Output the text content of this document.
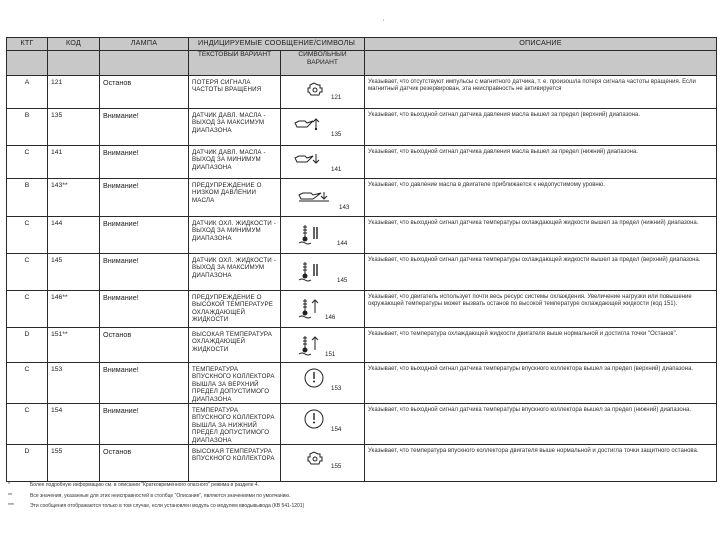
'
КТГ	КОД	ЛАМПА	ИНДИЦИРУЕМЫЕ СООБЩЕНИЕ/СИМВОЛЫ		ОПИСАНИЕ
			ТЕКСТОВЫЙ ВАРИАНТ	СИМВОЛЬНЫЙ ВАРИАНТ	
A	121	Останов	ПОТЕРЯ СИГНАЛА ЧАСТОТЫ ВРАЩЕНИЯ	121	Указывает, что отсутствуют импульсы с магнитного датчика, т. е. произошла потеря сигнала частоты вращения. Если магнитный датчик резервирован, эта неисправность не активируется
B	135	Внимание!	ДАТЧИК ДАВЛ. МАСЛА - ВЫХОД ЗА МАКСИМУМ ДИАПАЗОНА	135	Указывает, что выходной сигнал датчика давления масла вышел за предел (верхний) диапазона.
C	141	Внимание!	ДАТЧИК ДАВЛ. МАСЛА - ВЫХОД ЗА МИНИМУМ ДИАПАЗОНА	141	Указывает, что выходной сигнал датчика давления масла вышел за предел (нижний) диапазона.
B	143**	Внимание!	ПРЕДУПРЕЖДЕНИЕ О НИЗКОМ ДАВЛЕНИИ МАСЛА	143	Указывает, что давление масла в двигателе приближается к недопустимому уровню.
C	144	Внимание!	ДАТЧИК ОХЛ. ЖИДКОСТИ - ВЫХОД ЗА МИНИМУМ ДИАПАЗОНА	144	Указывает, что выходной сигнал датчика температуры охлаждающей жидкости вышел за предел (нижний) диапазона.
C	145	Внимание!	ДАТЧИК ОХЛ. ЖИДКОСТИ - ВЫХОД ЗА МАКСИМУМ ДИАПАЗОНА	145	Указывает, что выходной сигнал датчика температуры охлаждающей жидкости вышел за предел (верхний) диапазона.
C	146**	Внимание!	ПРЕДУПРЕЖДЕНИЕ О ВЫСОКОЙ ТЕМПЕРАТУРЕ ОХЛАЖДАЮЩЕЙ ЖИДКОСТИ	146	Указывает, что двигатель использует почти весь ресурс системы охлаждения. Увеличение нагрузки или повышение окружающей температуры может вызвать останов по высокой температуре охлаждающей жидкости (код 151).
D	151**	Останов	ВЫСОКАЯ ТЕМПЕРАТУРА ОХЛАЖДАЮЩЕЙ ЖИДКОСТИ	151	Указывает, что температура охлаждающей жидкости двигателя выше нормальной и достигла точки "Останов".
C	153	Внимание!	ТЕМПЕРАТУРА ВПУСКНОГО КОЛЛЕКТОРА ВЫШЛА ЗА ВЕРХНИЙ ПРЕДЕЛ ДОПУСТИМОГО ДИАПАЗОНА	153	Указывает, что выходной сигнал датчика температуры впускного коллектора вышел за предел (верхний) диапазона.
C	154	Внимание!	ТЕМПЕРАТУРА ВПУСКНОГО КОЛЛЕКТОРА ВЫШЛА ЗА НИЖНИЙ ПРЕДЕЛ ДОПУСТИМОГО ДИАПАЗОНА	154	Указывает, что выходной сигнал датчика температуры впускного коллектора вышел за предел (нижний) диапазона.
D	155	Останов	ВЫСОКАЯ ТЕМПЕРАТУРА ВПУСКНОГО КОЛЛЕКТОРА	155	Указывает, что температура впускного коллектора двигателя выше нормальной и достигла точки защитного останова.
*	Более подробную информацию см. в описании "Кратковременного опасного" режима в разделе 4.
**	Все значения, указанные для этих неисправностей в столбце "Описание", являются значениями по умолчанию.
***	Эти сообщения отображаются только в том случае, если установлен модуль со модулем вводывывода (КВ 541-1201)
